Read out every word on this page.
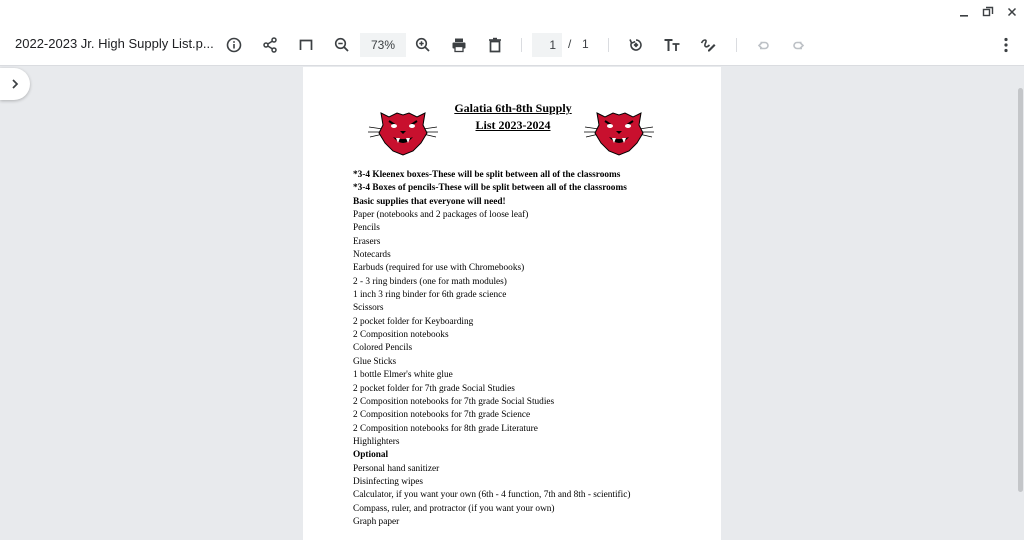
2022-2023 Jr. High Supply List.p...	73%	1	/ 1
Galatia 6th-8th Supply
List 2023-2024
*3-4 Kleenex boxes-These will be split between all of the classrooms
*3-4 Boxes of pencils-These will be split between all of the classrooms
Basic supplies that everyone will need!
Paper (notebooks and 2 packages of loose leaf)
Pencils
Erasers
Notecards
Earbuds (required for use with Chromebooks)
2 - 3 ring binders (one for math modules)
1 inch 3 ring binder for 6th grade science
Scissors
2 pocket folder for Keyboarding
2 Composition notebooks
Colored Pencils
Glue Sticks
1 bottle Elmer's white glue
2 pocket folder for 7th grade Social Studies
2 Composition notebooks for 7th grade Social Studies
2 Composition notebooks for 7th grade Science
2 Composition notebooks for 8th grade Literature
Highlighters
Optional
Personal hand sanitizer
Disinfecting wipes
Calculator, if you want your own (6th - 4 function, 7th and 8th - scientific)
Compass, ruler, and protractor (if you want your own)
Graph paper
